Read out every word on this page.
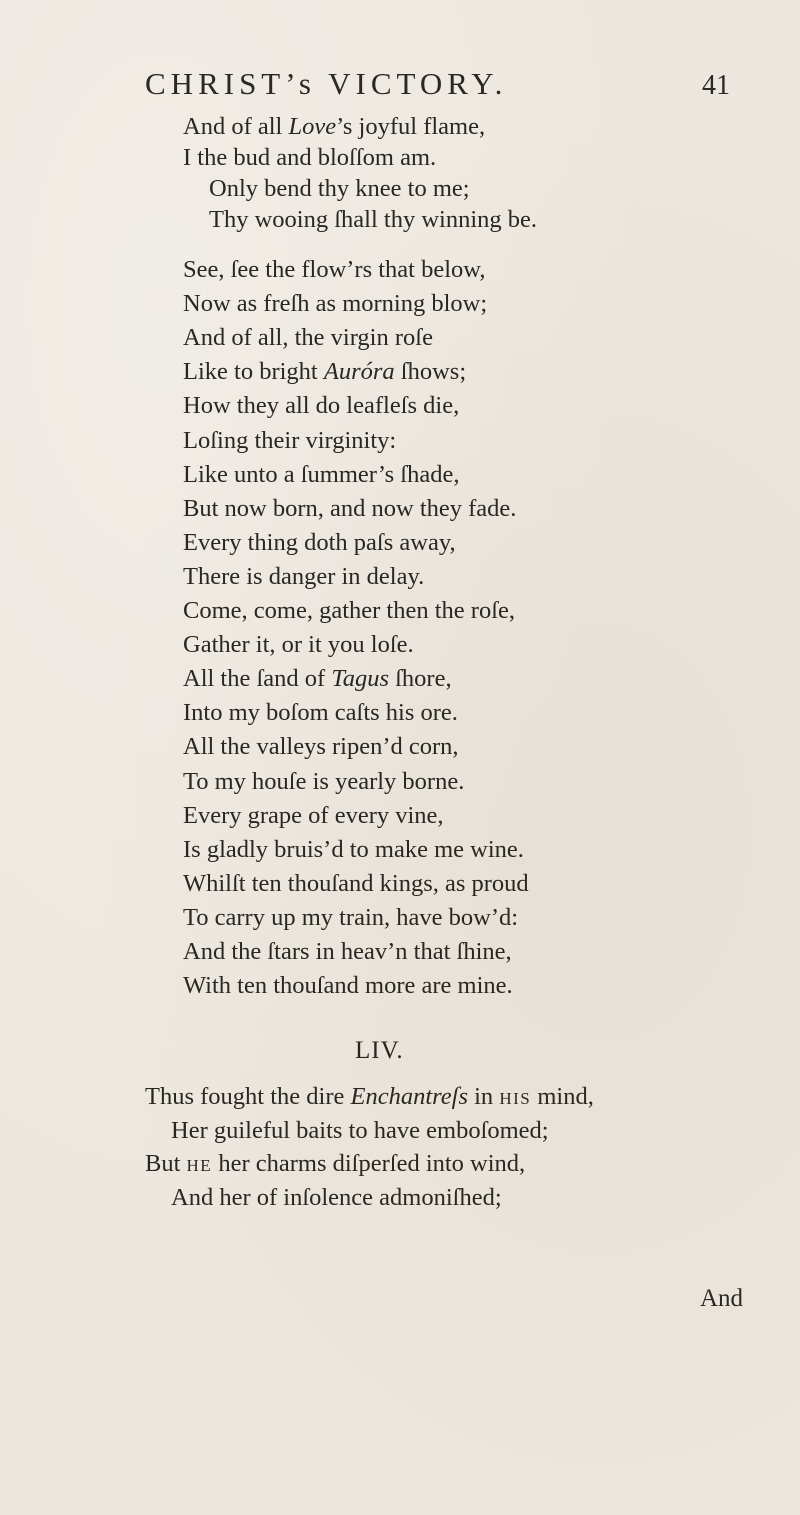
CHRIST’s VICTORY.	41
And of all Love’s joyful flame,
I the bud and bloſſom am.
Only bend thy knee to me;
Thy wooing ſhall thy winning be.
See, ſee the flow’rs that below,
Now as freſh as morning blow;
And of all, the virgin roſe
Like to bright Auróra ſhows;
How they all do leafleſs die,
Loſing their virginity:
Like unto a ſummer’s ſhade,
But now born, and now they fade.
Every thing doth paſs away,
There is danger in delay.
Come, come, gather then the roſe,
Gather it, or it you loſe.
All the ſand of Tagus ſhore,
Into my boſom caſts his ore.
All the valleys ripen’d corn,
To my houſe is yearly borne.
Every grape of every vine,
Is gladly bruis’d to make me wine.
Whilſt ten thouſand kings, as proud
To carry up my train, have bow’d:
And the ſtars in heav’n that ſhine,
With ten thouſand more are mine.
LIV.
Thus fought the dire Enchantreſs in HIS mind,
Her guileful baits to have emboſomed;
But HE her charms diſperſed into wind,
And her of inſolence admoniſhed;
And
